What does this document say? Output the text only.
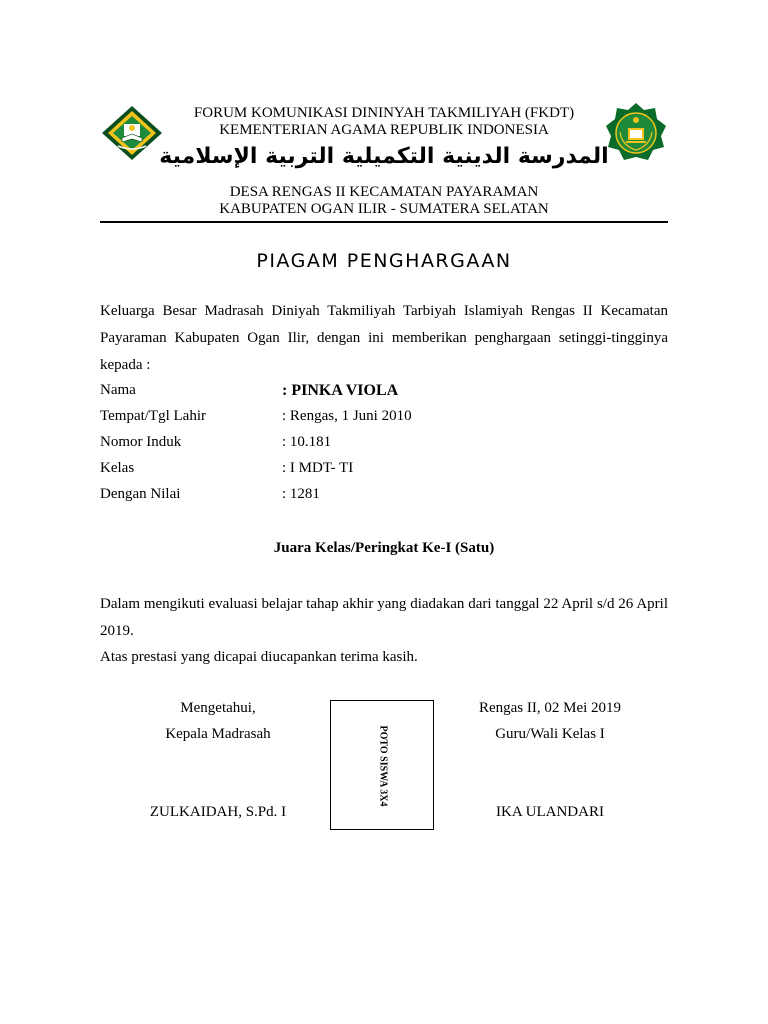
FORUM KOMUNIKASI DININYAH TAKMILIYAH (FKDT)
KEMENTERIAN AGAMA REPUBLIK INDONESIA
المدرسة الدينية التكميلية التربية الإسلامية
DESA RENGAS II KECAMATAN PAYARAMAN
KABUPATEN OGAN ILIR - SUMATERA SELATAN
PIAGAM PENGHARGAAN
Keluarga Besar Madrasah Diniyah Takmiliyah Tarbiyah Islamiyah Rengas II Kecamatan Payaraman Kabupaten Ogan Ilir, dengan ini memberikan penghargaan setinggi-tingginya kepada :
Nama	: PINKA VIOLA
Tempat/Tgl Lahir	: Rengas, 1 Juni 2010
Nomor Induk	: 10.181
Kelas	: I MDT- TI
Dengan Nilai	: 1281
Juara Kelas/Peringkat Ke-I (Satu)
Dalam mengikuti evaluasi belajar tahap akhir yang diadakan dari tanggal 22 April s/d 26 April 2019.
Atas prestasi yang dicapai diucapankan terima kasih.
Mengetahui,
Kepala Madrasah
ZULKAIDAH, S.Pd. I
POTO SISWA 3X4
Rengas II, 02 Mei 2019
Guru/Wali Kelas I
IKA ULANDARI
